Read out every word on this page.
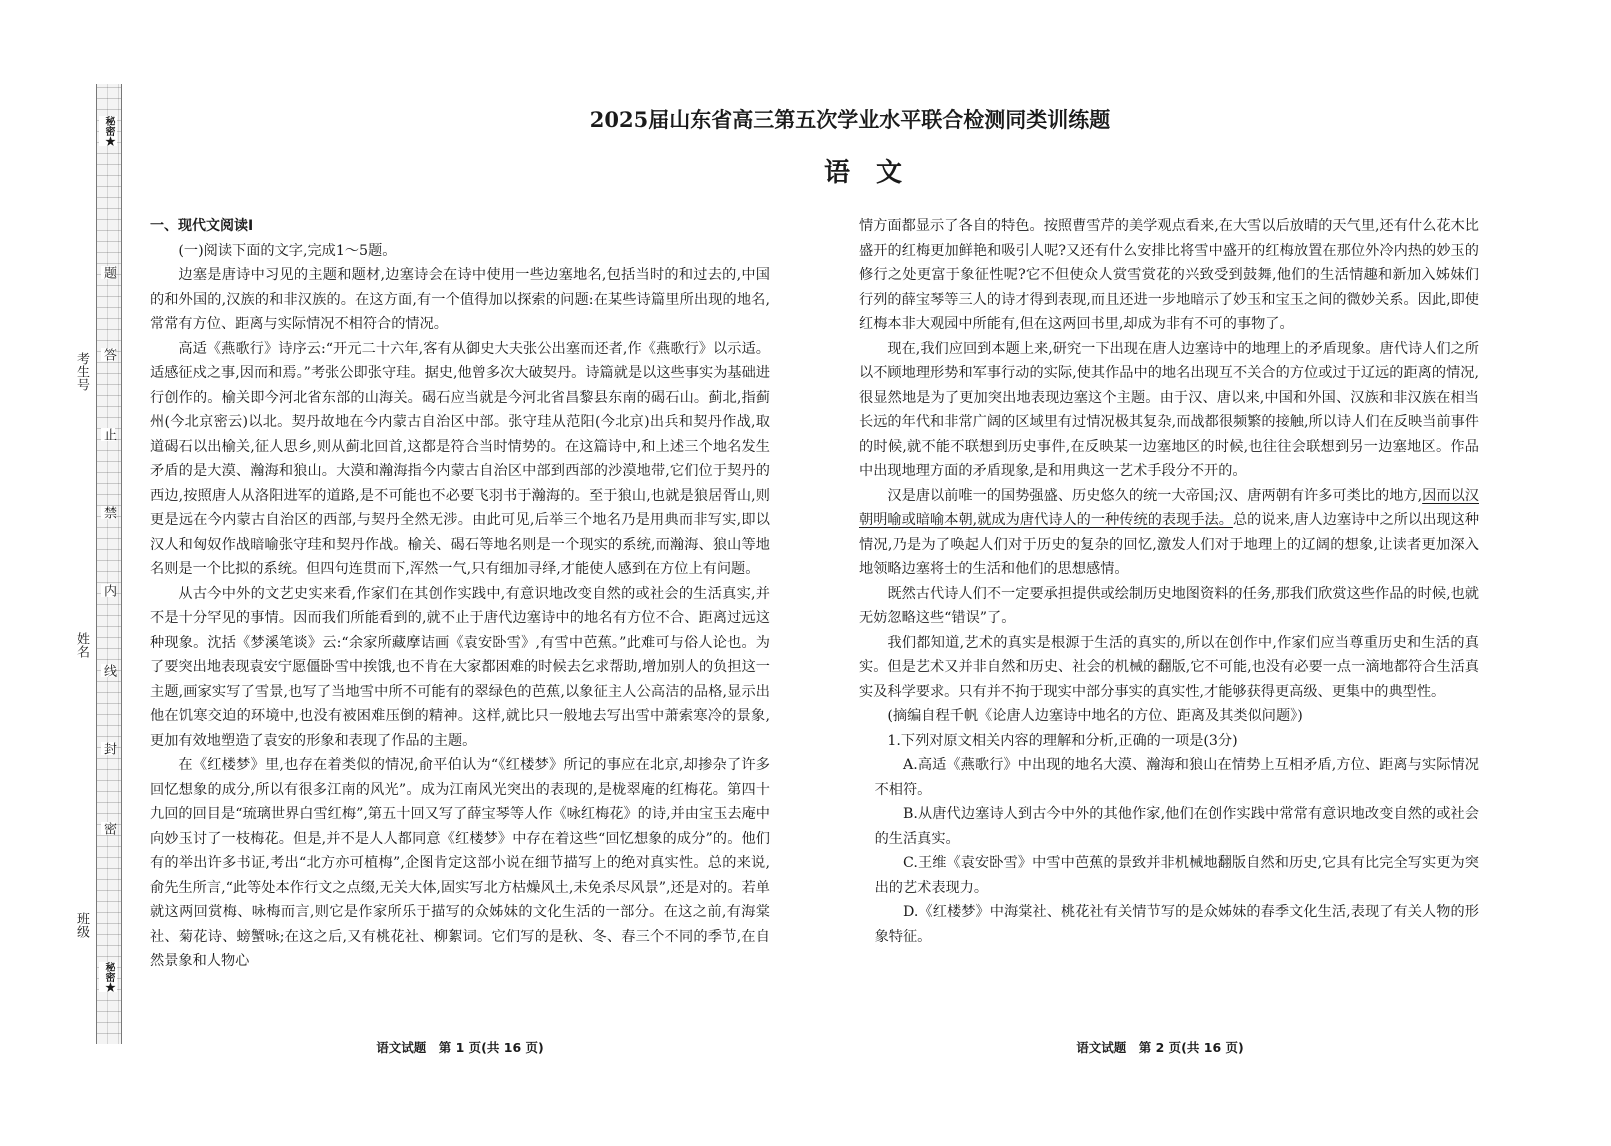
秘密★
秘密★
题
答
止
禁
内
线
封
密
考生号
姓名
班级
2025届山东省高三第五次学业水平联合检测同类训练题
语文

一、现代文阅读Ⅰ

(一)阅读下面的文字,完成1～5题。

边塞是唐诗中习见的主题和题材,边塞诗会在诗中使用一些边塞地名,包括当时的和过去的,中国的和外国的,汉族的和非汉族的。在这方面,有一个值得加以探索的问题:在某些诗篇里所出现的地名,常常有方位、距离与实际情况不相符合的情况。

高适《燕歌行》诗序云:“开元二十六年,客有从御史大夫张公出塞而还者,作《燕歌行》以示适。适感征戍之事,因而和焉。”考张公即张守珪。据史,他曾多次大破契丹。诗篇就是以这些事实为基础进行创作的。榆关即今河北省东部的山海关。碣石应当就是今河北省昌黎县东南的碣石山。蓟北,指蓟州(今北京密云)以北。契丹故地在今内蒙古自治区中部。张守珪从范阳(今北京)出兵和契丹作战,取道碣石以出榆关,征人思乡,则从蓟北回首,这都是符合当时情势的。在这篇诗中,和上述三个地名发生矛盾的是大漠、瀚海和狼山。大漠和瀚海指今内蒙古自治区中部到西部的沙漠地带,它们位于契丹的西边,按照唐人从洛阳进军的道路,是不可能也不必要飞羽书于瀚海的。至于狼山,也就是狼居胥山,则更是远在今内蒙古自治区的西部,与契丹全然无涉。由此可见,后举三个地名乃是用典而非写实,即以汉人和匈奴作战暗喻张守珪和契丹作战。榆关、碣石等地名则是一个现实的系统,而瀚海、狼山等地名则是一个比拟的系统。但四句连贯而下,浑然一气,只有细加寻绎,才能使人感到在方位上有问题。

从古今中外的文艺史实来看,作家们在其创作实践中,有意识地改变自然的或社会的生活真实,并不是十分罕见的事情。因而我们所能看到的,就不止于唐代边塞诗中的地名有方位不合、距离过远这种现象。沈括《梦溪笔谈》云:“余家所藏摩诘画《袁安卧雪》,有雪中芭蕉。”此难可与俗人论也。为了要突出地表现袁安宁愿僵卧雪中挨饿,也不肯在大家都困难的时候去乞求帮助,增加别人的负担这一主题,画家实写了雪景,也写了当地雪中所不可能有的翠绿色的芭蕉,以象征主人公高洁的品格,显示出他在饥寒交迫的环境中,也没有被困难压倒的精神。这样,就比只一般地去写出雪中萧索寒冷的景象,更加有效地塑造了袁安的形象和表现了作品的主题。

在《红楼梦》里,也存在着类似的情况,俞平伯认为“《红楼梦》所记的事应在北京,却掺杂了许多回忆想象的成分,所以有很多江南的风光”。成为江南风光突出的表现的,是栊翠庵的红梅花。第四十九回的回目是“琉璃世界白雪红梅”,第五十回又写了薛宝琴等人作《咏红梅花》的诗,并由宝玉去庵中向妙玉讨了一枝梅花。但是,并不是人人都同意《红楼梦》中存在着这些“回忆想象的成分”的。他们有的举出许多书证,考出“北方亦可植梅”,企图肯定这部小说在细节描写上的绝对真实性。总的来说,俞先生所言,“此等处本作行文之点缀,无关大体,固实写北方枯燥风土,未免杀尽风景”,还是对的。若单就这两回赏梅、咏梅而言,则它是作家所乐于描写的众姊妹的文化生活的一部分。在这之前,有海棠社、菊花诗、螃蟹咏;在这之后,又有桃花社、柳絮词。它们写的是秋、冬、春三个不同的季节,在自然景象和人物心

情方面都显示了各自的特色。按照曹雪芹的美学观点看来,在大雪以后放晴的天气里,还有什么花木比盛开的红梅更加鲜艳和吸引人呢?又还有什么安排比将雪中盛开的红梅放置在那位外冷内热的妙玉的修行之处更富于象征性呢?它不但使众人赏雪赏花的兴致受到鼓舞,他们的生活情趣和新加入姊妹们行列的薛宝琴等三人的诗才得到表现,而且还进一步地暗示了妙玉和宝玉之间的微妙关系。因此,即使红梅本非大观园中所能有,但在这两回书里,却成为非有不可的事物了。

现在,我们应回到本题上来,研究一下出现在唐人边塞诗中的地理上的矛盾现象。唐代诗人们之所以不顾地理形势和军事行动的实际,使其作品中的地名出现互不关合的方位或过于辽远的距离的情况,很显然地是为了更加突出地表现边塞这个主题。由于汉、唐以来,中国和外国、汉族和非汉族在相当长远的年代和非常广阔的区域里有过情况极其复杂,而战都很频繁的接触,所以诗人们在反映当前事件的时候,就不能不联想到历史事件,在反映某一边塞地区的时候,也往往会联想到另一边塞地区。作品中出现地理方面的矛盾现象,是和用典这一艺术手段分不开的。

汉是唐以前唯一的国势强盛、历史悠久的统一大帝国;汉、唐两朝有许多可类比的地方,因而以汉朝明喻或暗喻本朝,就成为唐代诗人的一种传统的表现手法。总的说来,唐人边塞诗中之所以出现这种情况,乃是为了唤起人们对于历史的复杂的回忆,激发人们对于地理上的辽阔的想象,让读者更加深入地领略边塞将士的生活和他们的思想感情。

既然古代诗人们不一定要承担提供或绘制历史地图资料的任务,那我们欣赏这些作品的时候,也就无妨忽略这些“错误”了。

我们都知道,艺术的真实是根源于生活的真实的,所以在创作中,作家们应当尊重历史和生活的真实。但是艺术又并非自然和历史、社会的机械的翻版,它不可能,也没有必要一点一滴地都符合生活真实及科学要求。只有并不拘于现实中部分事实的真实性,才能够获得更高级、更集中的典型性。

(摘编自程千帆《论唐人边塞诗中地名的方位、距离及其类似问题》)

1.下列对原文相关内容的理解和分析,正确的一项是(3分)

A.高适《燕歌行》中出现的地名大漠、瀚海和狼山在情势上互相矛盾,方位、距离与实际情况不相符。

B.从唐代边塞诗人到古今中外的其他作家,他们在创作实践中常常有意识地改变自然的或社会的生活真实。

C.王维《袁安卧雪》中雪中芭蕉的景致并非机械地翻版自然和历史,它具有比完全写实更为突出的艺术表现力。

D.《红楼梦》中海棠社、桃花社有关情节写的是众姊妹的春季文化生活,表现了有关人物的形象特征。

语文试题　第 1 页(共 16 页)	语文试题　第 2 页(共 16 页)
